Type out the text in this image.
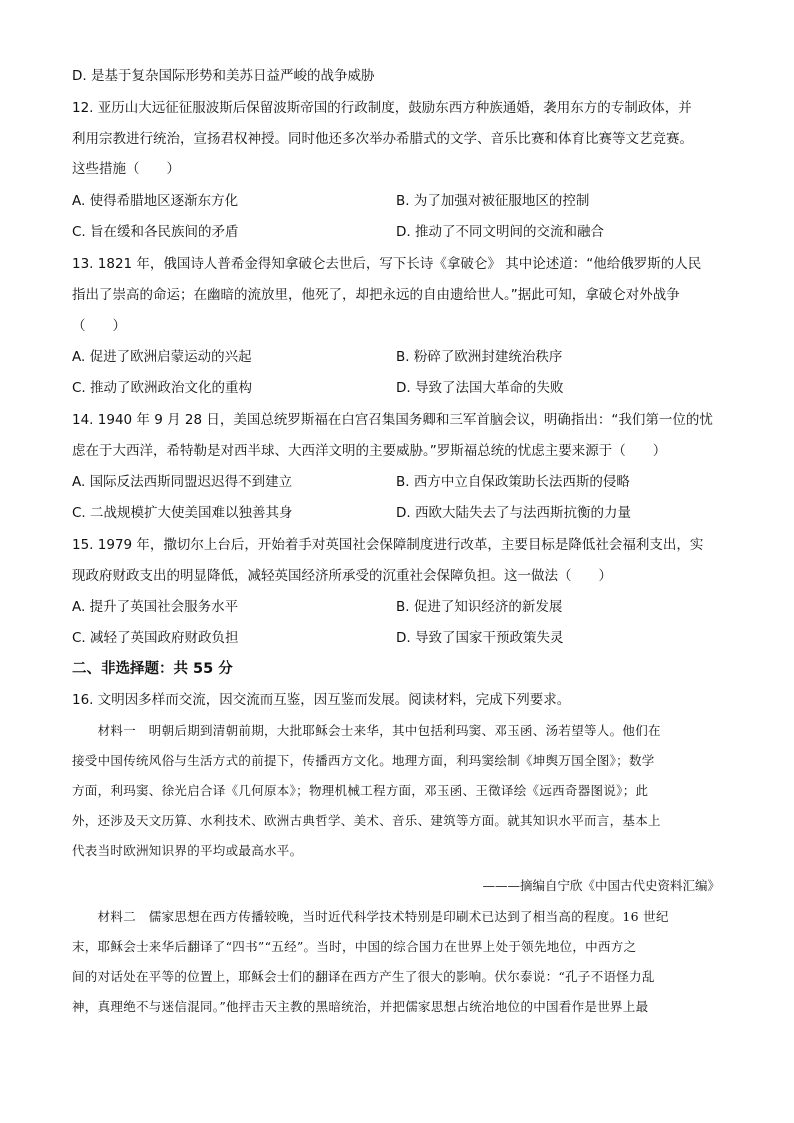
D. 是基于复杂国际形势和美苏日益严峻的战争威胁
12. 亚历山大远征征服波斯后保留波斯帝国的行政制度，鼓励东西方种族通婚，袭用东方的专制政体，并
利用宗教进行统治，宣扬君权神授。同时他还多次举办希腊式的文学、音乐比赛和体育比赛等文艺竞赛。
这些措施（　　）
A. 使得希腊地区逐渐东方化	B. 为了加强对被征服地区的控制
C. 旨在缓和各民族间的矛盾	D. 推动了不同文明间的交流和融合
13. 1821 年，俄国诗人普希金得知拿破仑去世后，写下长诗《拿破仑》 其中论述道：“他给俄罗斯的人民
指出了崇高的命运；在幽暗的流放里，他死了，却把永远的自由遗给世人。”据此可知，拿破仑对外战争
（　　）
A. 促进了欧洲启蒙运动的兴起	B. 粉碎了欧洲封建统治秩序
C. 推动了欧洲政治文化的重构	D. 导致了法国大革命的失败
14. 1940 年 9 月 28 日，美国总统罗斯福在白宫召集国务卿和三军首脑会议，明确指出：“我们第一位的忧
虑在于大西洋，希特勒是对西半球、大西洋文明的主要威胁。”罗斯福总统的忧虑主要来源于（　　）
A. 国际反法西斯同盟迟迟得不到建立	B. 西方中立自保政策助长法西斯的侵略
C. 二战规模扩大使美国难以独善其身	D. 西欧大陆失去了与法西斯抗衡的力量
15. 1979 年，撒切尔上台后，开始着手对英国社会保障制度进行改革，主要目标是降低社会福利支出，实
现政府财政支出的明显降低，减轻英国经济所承受的沉重社会保障负担。这一做法（　　）
A. 提升了英国社会服务水平	B. 促进了知识经济的新发展
C. 减轻了英国政府财政负担	D. 导致了国家干预政策失灵
二、非选择题：共 55 分
16. 文明因多样而交流，因交流而互鉴，因互鉴而发展。阅读材料，完成下列要求。
　　材料一　明朝后期到清朝前期，大批耶稣会士来华，其中包括利玛窦、邓玉函、汤若望等人。他们在
接受中国传统风俗与生活方式的前提下，传播西方文化。地理方面，利玛窦绘制《坤舆万国全图》；数学
方面，利玛窦、徐光启合译《几何原本》；物理机械工程方面，邓玉函、王徵译绘《远西奇器图说》；此
外，还涉及天文历算、水利技术、欧洲古典哲学、美术、音乐、建筑等方面。就其知识水平而言，基本上
代表当时欧洲知识界的平均或最高水平。
———摘编自宁欣《中国古代史资料汇编》
　　材料二　儒家思想在西方传播较晚，当时近代科学技术特别是印刷术已达到了相当高的程度。16 世纪
末，耶稣会士来华后翻译了“四书”“五经”。当时，中国的综合国力在世界上处于领先地位，中西方之
间的对话处在平等的位置上，耶稣会士们的翻译在西方产生了很大的影响。伏尔泰说：“孔子不语怪力乱
神，真理绝不与迷信混同。”他抨击天主教的黑暗统治，并把儒家思想占统治地位的中国看作是世界上最
